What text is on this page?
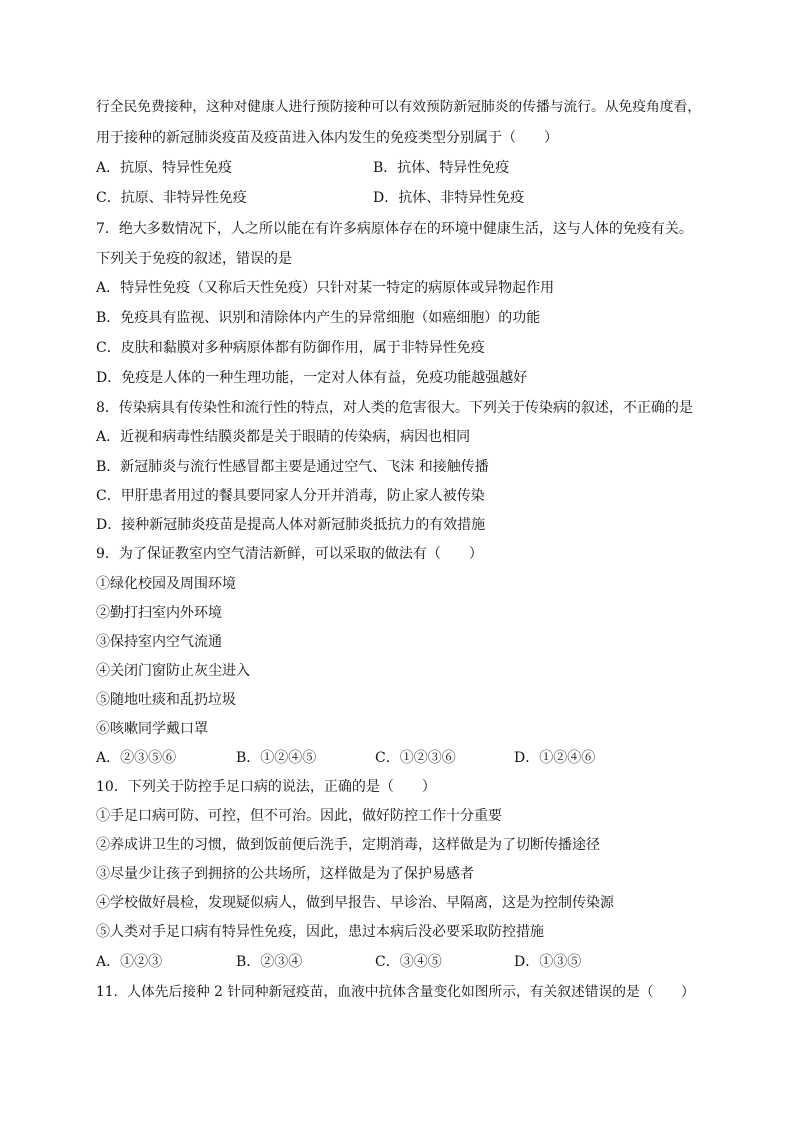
行全民免费接种，这种对健康人进行预防接种可以有效预防新冠肺炎的传播与流行。从免疫角度看，
用于接种的新冠肺炎疫苗及疫苗进入体内发生的免疫类型分别属于（　　）
A．抗原、特异性免疫	B．抗体、特异性免疫
C．抗原、非特异性免疫	D．抗体、非特异性免疫
7．绝大多数情况下，人之所以能在有许多病原体存在的环境中健康生活，这与人体的免疫有关。
下列关于免疫的叙述，错误的是
A．特异性免疫（又称后天性免疫）只针对某一特定的病原体或异物起作用
B．免疫具有监视、识别和清除体内产生的异常细胞（如癌细胞）的功能
C．皮肤和黏膜对多种病原体都有防御作用，属于非特异性免疫
D．免疫是人体的一种生理功能，一定对人体有益，免疫功能越强越好
8．传染病具有传染性和流行性的特点，对人类的危害很大。下列关于传染病的叙述，不正确的是
A．近视和病毒性结膜炎都是关于眼睛的传染病，病因也相同
B．新冠肺炎与流行性感冒都主要是通过空气、飞沫 和接触传播
C．甲肝患者用过的餐具要同家人分开并消毒，防止家人被传染
D．接种新冠肺炎疫苗是提高人体对新冠肺炎抵抗力的有效措施
9．为了保证教室内空气清洁新鲜，可以采取的做法有（　　）
①绿化校园及周围环境
②勤打扫室内外环境
③保持室内空气流通
④关闭门窗防止灰尘进入
⑤随地吐痰和乱扔垃圾
⑥咳嗽同学戴口罩
A．②③⑤⑥	B．①②④⑤	C．①②③⑥	D．①②④⑥
10．下列关于防控手足口病的说法，正确的是（　　）
①手足口病可防、可控，但不可治。因此，做好防控工作十分重要
②养成讲卫生的习惯，做到饭前便后洗手，定期消毒，这样做是为了切断传播途径
③尽量少让孩子到拥挤的公共场所，这样做是为了保护易感者
④学校做好晨检，发现疑似病人，做到早报告、早诊治、早隔离，这是为控制传染源
⑤人类对手足口病有特异性免疫，因此，患过本病后没必要采取防控措施
A．①②③	B．②③④	C．③④⑤	D．①③⑤
11．人体先后接种 2 针同种新冠疫苗，血液中抗体含量变化如图所示，有关叙述错误的是（　　）
